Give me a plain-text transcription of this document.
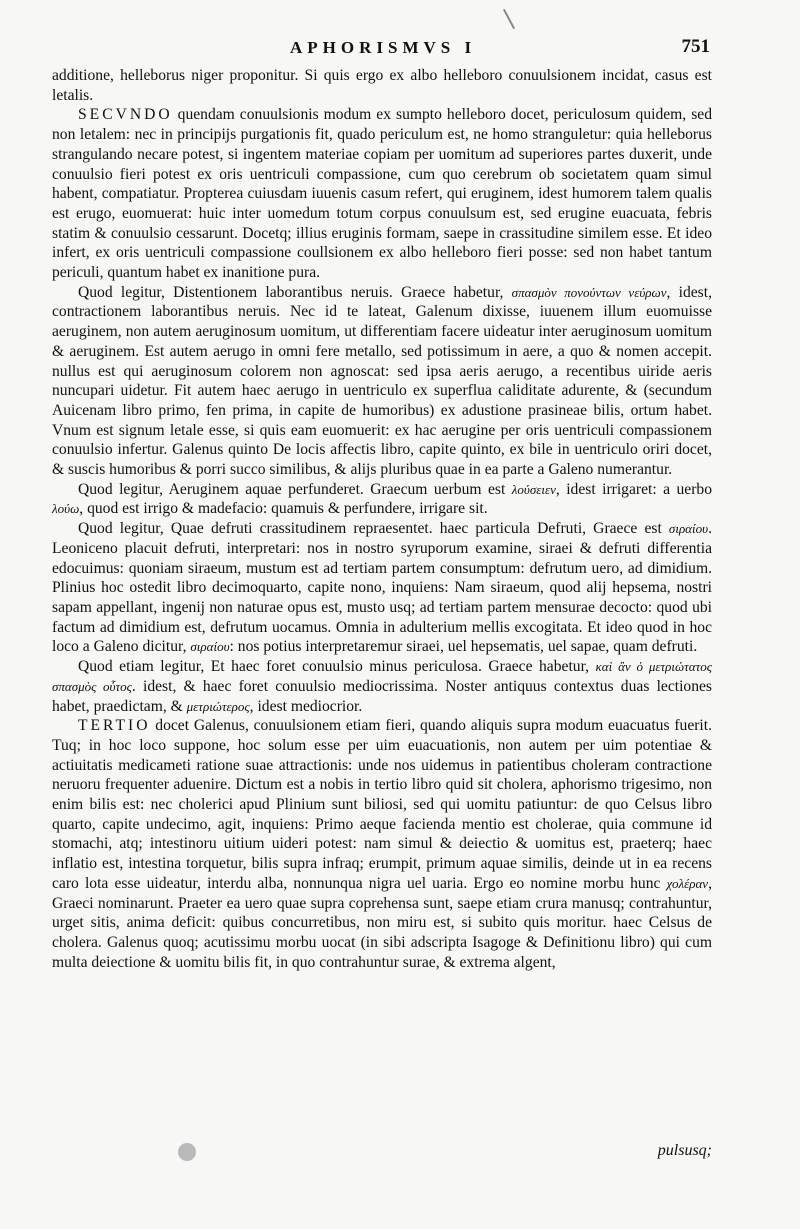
APHORISMVS I	751

additione, helleborus niger proponitur. Si quis ergo ex albo helleboro conuulsionem incidat, casus est letalis.

SECVNDO quendam conuulsionis modum ex sumpto helleboro docet, periculosum quidem, sed non letalem: nec in principijs purgationis fit, quado periculum est, ne homo stranguletur: quia helleborus strangulando necare potest, si ingentem materiae copiam per uomitum ad superiores partes duxerit, unde conuulsio fieri potest ex oris uentriculi compassione, cum quo cerebrum ob societatem quam simul habent, compatiatur. Propterea cuiusdam iuuenis casum refert, qui eruginem, idest humorem talem qualis est erugo, euomuerat: huic inter uomedum totum corpus conuulsum est, sed erugine euacuata, febris statim & conuulsio cessarunt. Docetq; illius eruginis formam, saepe in crassitudine similem esse. Et ideo infert, ex oris uentriculi compassione coullsionem ex albo helleboro fieri posse: sed non habet tantum periculi, quantum habet ex inanitione pura.

Quod legitur, Distentionem laborantibus neruis. Graece habetur, σπασμὸν πονούντων νεύρων, idest, contractionem laborantibus neruis. Nec id te lateat, Galenum dixisse, iuuenem illum euomuisse aeruginem, non autem aeruginosum uomitum, ut differentiam facere uideatur inter aeruginosum uomitum & aeruginem. Est autem aerugo in omni fere metallo, sed potissimum in aere, a quo & nomen accepit. nullus est qui aeruginosum colorem non agnoscat: sed ipsa aeris aerugo, a recentibus uiride aeris nuncupari uidetur. Fit autem haec aerugo in uentriculo ex superflua caliditate adurente, & (secundum Auicenam libro primo, fen prima, in capite de humoribus) ex adustione prasineae bilis, ortum habet. Vnum est signum letale esse, si quis eam euomuerit: ex hac aerugine per oris uentriculi compassionem conuulsio infertur. Galenus quinto De locis affectis libro, capite quinto, ex bile in uentriculo oriri docet, & suscis humoribus & porri succo similibus, & alijs pluribus quae in ea parte a Galeno numerantur.

Quod legitur, Aeruginem aquae perfunderet. Graecum uerbum est λούσειεν, idest irrigaret: a uerbo λούω, quod est irrigo & madefacio: quamuis & perfundere, irrigare sit.

Quod legitur, Quae defruti crassitudinem repraesentet. haec particula Defruti, Graece est σιραίου. Leoniceno placuit defruti, interpretari: nos in nostro syruporum examine, siraei & defruti differentia edocuimus: quoniam siraeum, mustum est ad tertiam partem consumptum: defrutum uero, ad dimidium. Plinius hoc ostedit libro decimoquarto, capite nono, inquiens: Nam siraeum, quod alij hepsema, nostri sapam appellant, ingenij non naturae opus est, musto usq; ad tertiam partem mensurae decocto: quod ubi factum ad dimidium est, defrutum uocamus. Omnia in adulterium mellis excogitata. Et ideo quod in hoc loco a Galeno dicitur, σιραίου: nos potius interpretaremur siraei, uel hepsematis, uel sapae, quam defruti.

Quod etiam legitur, Et haec foret conuulsio minus periculosa. Graece habetur, καὶ ἂν ὁ μετριώτατος σπασμὸς οὗτος. idest, & haec foret conuulsio mediocrissima. Noster antiquus contextus duas lectiones habet, praedictam, & μετριώτερος, idest mediocrior.

TERTIO docet Galenus, conuulsionem etiam fieri, quando aliquis supra modum euacuatus fuerit. Tuq; in hoc loco suppone, hoc solum esse per uim euacuationis, non autem per uim potentiae & actiuitatis medicameti ratione suae attractionis: unde nos uidemus in patientibus choleram contractione neruoru frequenter aduenire. Dictum est a nobis in tertio libro quid sit cholera, aphorismo trigesimo, non enim bilis est: nec cholerici apud Plinium sunt biliosi, sed qui uomitu patiuntur: de quo Celsus libro quarto, capite undecimo, agit, inquiens: Primo aeque facienda mentio est cholerae, quia commune id stomachi, atq; intestinoru uitium uideri potest: nam simul & deiectio & uomitus est, praeterq; haec inflatio est, intestina torquetur, bilis supra infraq; erumpit, primum aquae similis, deinde ut in ea recens caro lota esse uideatur, interdu alba, nonnunqua nigra uel uaria. Ergo eo nomine morbu hunc χολέραν, Graeci nominarunt. Praeter ea uero quae supra coprehensa sunt, saepe etiam crura manusq; contrahuntur, urget sitis, anima deficit: quibus concurretibus, non miru est, si subito quis moritur. haec Celsus de cholera. Galenus quoq; acutissimu morbu uocat (in sibi adscripta Isagoge & Definitionu libro) qui cum multa deiectione & uomitu bilis fit, in quo contrahuntur surae, & extrema algent,

pulsusq;
